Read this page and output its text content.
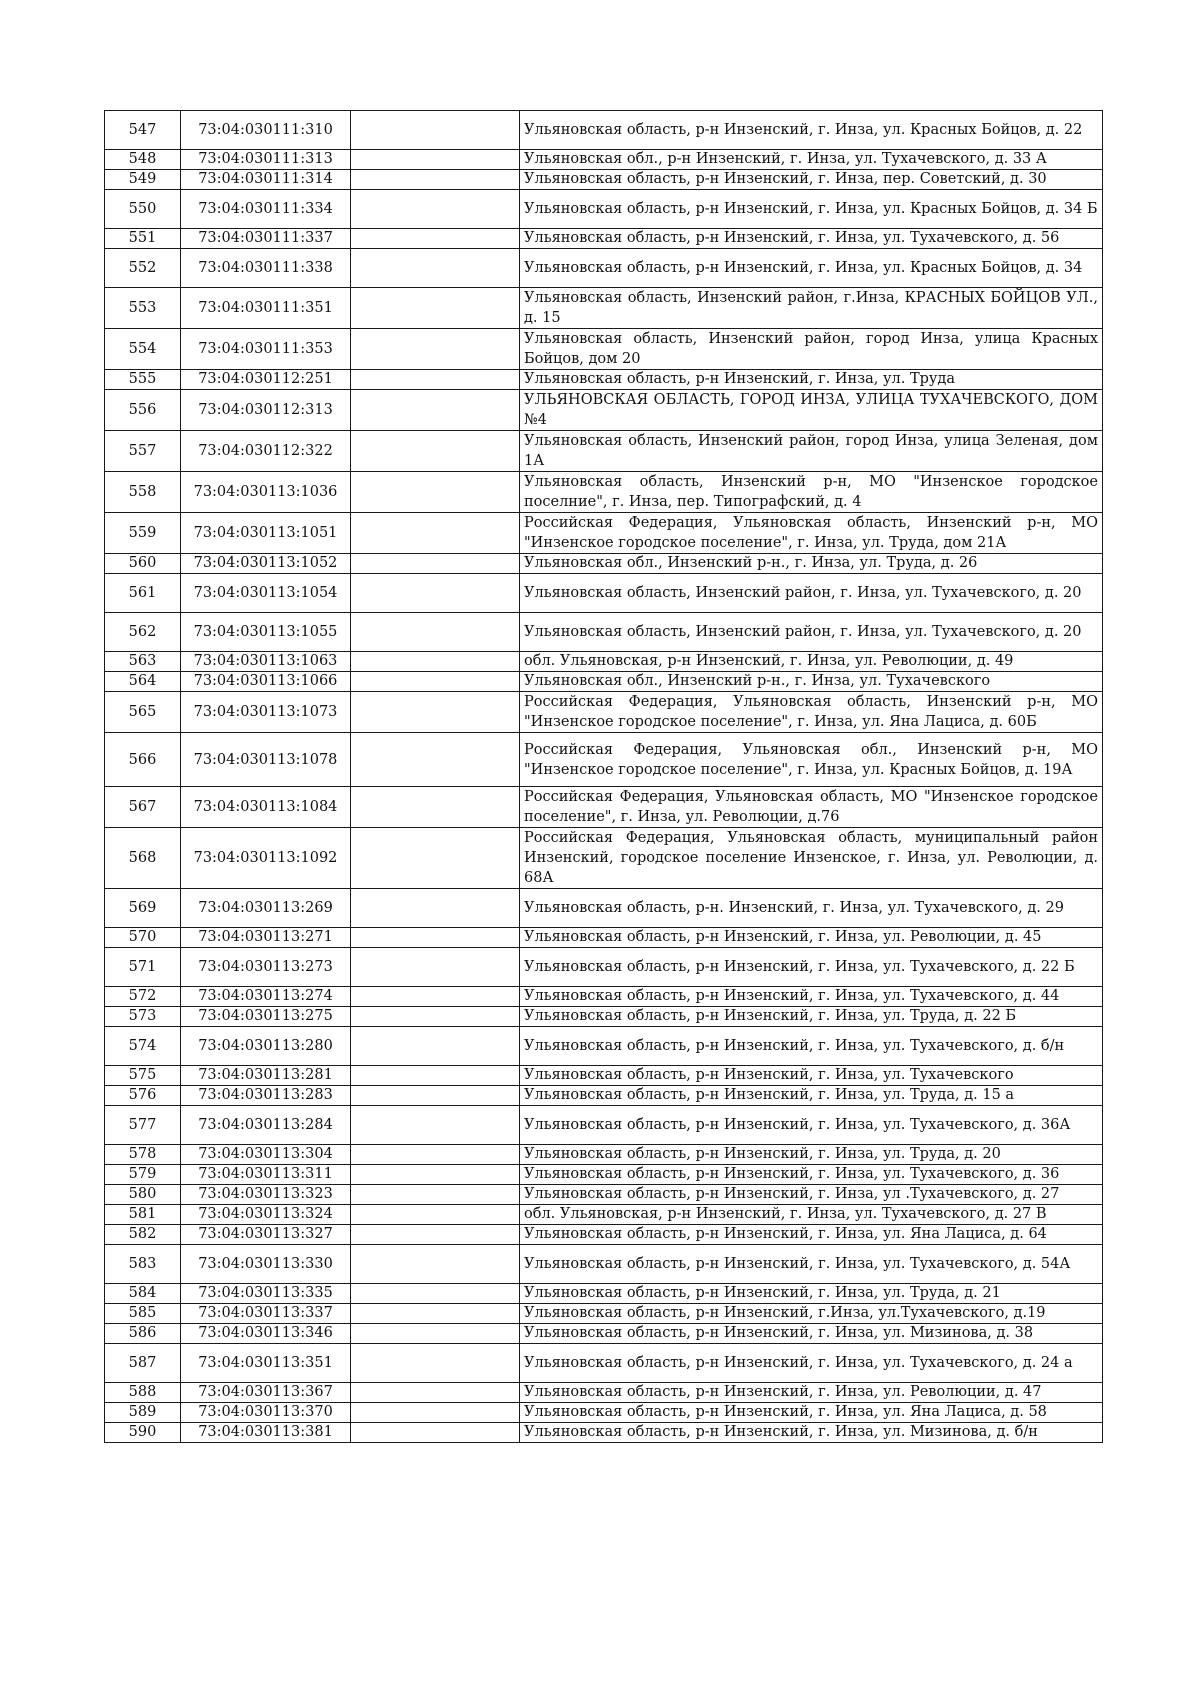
547	73:04:030111:310		Ульяновская область, р-н Инзенский, г. Инза, ул. Красных Бойцов, д. 22
548	73:04:030111:313		Ульяновская обл., р-н Инзенский, г. Инза, ул. Тухачевского, д. 33 А
549	73:04:030111:314		Ульяновская область, р-н Инзенский, г. Инза, пер. Советский, д. 30
550	73:04:030111:334		Ульяновская область, р-н Инзенский, г. Инза, ул. Красных Бойцов, д. 34 Б
551	73:04:030111:337		Ульяновская область, р-н Инзенский, г. Инза, ул. Тухачевского, д. 56
552	73:04:030111:338		Ульяновская область, р-н Инзенский, г. Инза, ул. Красных Бойцов, д. 34
553	73:04:030111:351		Ульяновская область, Инзенский район, г.Инза, КРАСНЫХ БОЙЦОВ УЛ., д. 15
554	73:04:030111:353		Ульяновская область, Инзенский район, город Инза, улица Красных Бойцов, дом 20
555	73:04:030112:251		Ульяновская область, р-н Инзенский, г. Инза, ул. Труда
556	73:04:030112:313		УЛЬЯНОВСКАЯ ОБЛАСТЬ, ГОРОД ИНЗА, УЛИЦА ТУХАЧЕВСКОГО, ДОМ №4
557	73:04:030112:322		Ульяновская область, Инзенский район, город Инза, улица Зеленая, дом 1А
558	73:04:030113:1036		Ульяновская область, Инзенский р-н, МО "Инзенское городское поселние", г. Инза, пер. Типографский, д. 4
559	73:04:030113:1051		Российская Федерация, Ульяновская область, Инзенский р-н, МО "Инзенское городское поселение", г. Инза, ул. Труда, дом 21А
560	73:04:030113:1052		Ульяновская обл., Инзенский р-н., г. Инза, ул. Труда, д. 26
561	73:04:030113:1054		Ульяновская область, Инзенский район, г. Инза, ул. Тухачевского, д. 20
562	73:04:030113:1055		Ульяновская область, Инзенский район, г. Инза, ул. Тухачевского, д. 20
563	73:04:030113:1063		обл. Ульяновская, р-н Инзенский, г. Инза, ул. Революции, д. 49
564	73:04:030113:1066		Ульяновская обл., Инзенский р-н., г. Инза, ул. Тухачевского
565	73:04:030113:1073		Российская Федерация, Ульяновская область, Инзенский р-н, МО "Инзенское городское поселение", г. Инза, ул. Яна Лациса, д. 60Б
566	73:04:030113:1078		Российская Федерация, Ульяновская обл., Инзенский р-н, МО "Инзенское городское поселение", г. Инза, ул. Красных Бойцов, д. 19А
567	73:04:030113:1084		Российская Федерация, Ульяновская область, МО "Инзенское городское поселение", г. Инза, ул. Революции, д.76
568	73:04:030113:1092		Российская Федерация, Ульяновская область, муниципальный район Инзенский, городское поселение Инзенское, г. Инза, ул. Революции, д. 68А
569	73:04:030113:269		Ульяновская область, р-н. Инзенский, г. Инза, ул. Тухачевского, д. 29
570	73:04:030113:271		Ульяновская область, р-н Инзенский, г. Инза, ул. Революции, д. 45
571	73:04:030113:273		Ульяновская область, р-н Инзенский, г. Инза, ул. Тухачевского, д. 22 Б
572	73:04:030113:274		Ульяновская область, р-н Инзенский, г. Инза, ул. Тухачевского, д. 44
573	73:04:030113:275		Ульяновская область, р-н Инзенский, г. Инза, ул. Труда, д. 22 Б
574	73:04:030113:280		Ульяновская область, р-н Инзенский, г. Инза, ул. Тухачевского, д. б/н
575	73:04:030113:281		Ульяновская область, р-н Инзенский, г. Инза, ул. Тухачевского
576	73:04:030113:283		Ульяновская область, р-н Инзенский, г. Инза, ул. Труда, д. 15 а
577	73:04:030113:284		Ульяновская область, р-н Инзенский, г. Инза, ул. Тухачевского, д. 36А
578	73:04:030113:304		Ульяновская область, р-н Инзенский, г. Инза, ул. Труда, д. 20
579	73:04:030113:311		Ульяновская область, р-н Инзенский, г. Инза, ул. Тухачевского, д. 36
580	73:04:030113:323		Ульяновская область, р-н Инзенский, г. Инза, ул .Тухачевского, д. 27
581	73:04:030113:324		обл. Ульяновская, р-н Инзенский, г. Инза, ул. Тухачевского, д. 27 В
582	73:04:030113:327		Ульяновская область, р-н Инзенский, г. Инза, ул. Яна Лациса, д. 64
583	73:04:030113:330		Ульяновская область, р-н Инзенский, г. Инза, ул. Тухачевского, д. 54А
584	73:04:030113:335		Ульяновская область, р-н Инзенский, г. Инза, ул. Труда, д. 21
585	73:04:030113:337		Ульяновская область, р-н Инзенский, г.Инза, ул.Тухачевского, д.19
586	73:04:030113:346		Ульяновская область, р-н Инзенский, г. Инза, ул. Мизинова, д. 38
587	73:04:030113:351		Ульяновская область, р-н Инзенский, г. Инза, ул. Тухачевского, д. 24 а
588	73:04:030113:367		Ульяновская область, р-н Инзенский, г. Инза, ул. Революции, д. 47
589	73:04:030113:370		Ульяновская область, р-н Инзенский, г. Инза, ул. Яна Лациса, д. 58
590	73:04:030113:381		Ульяновская область, р-н Инзенский, г. Инза, ул. Мизинова, д. б/н
